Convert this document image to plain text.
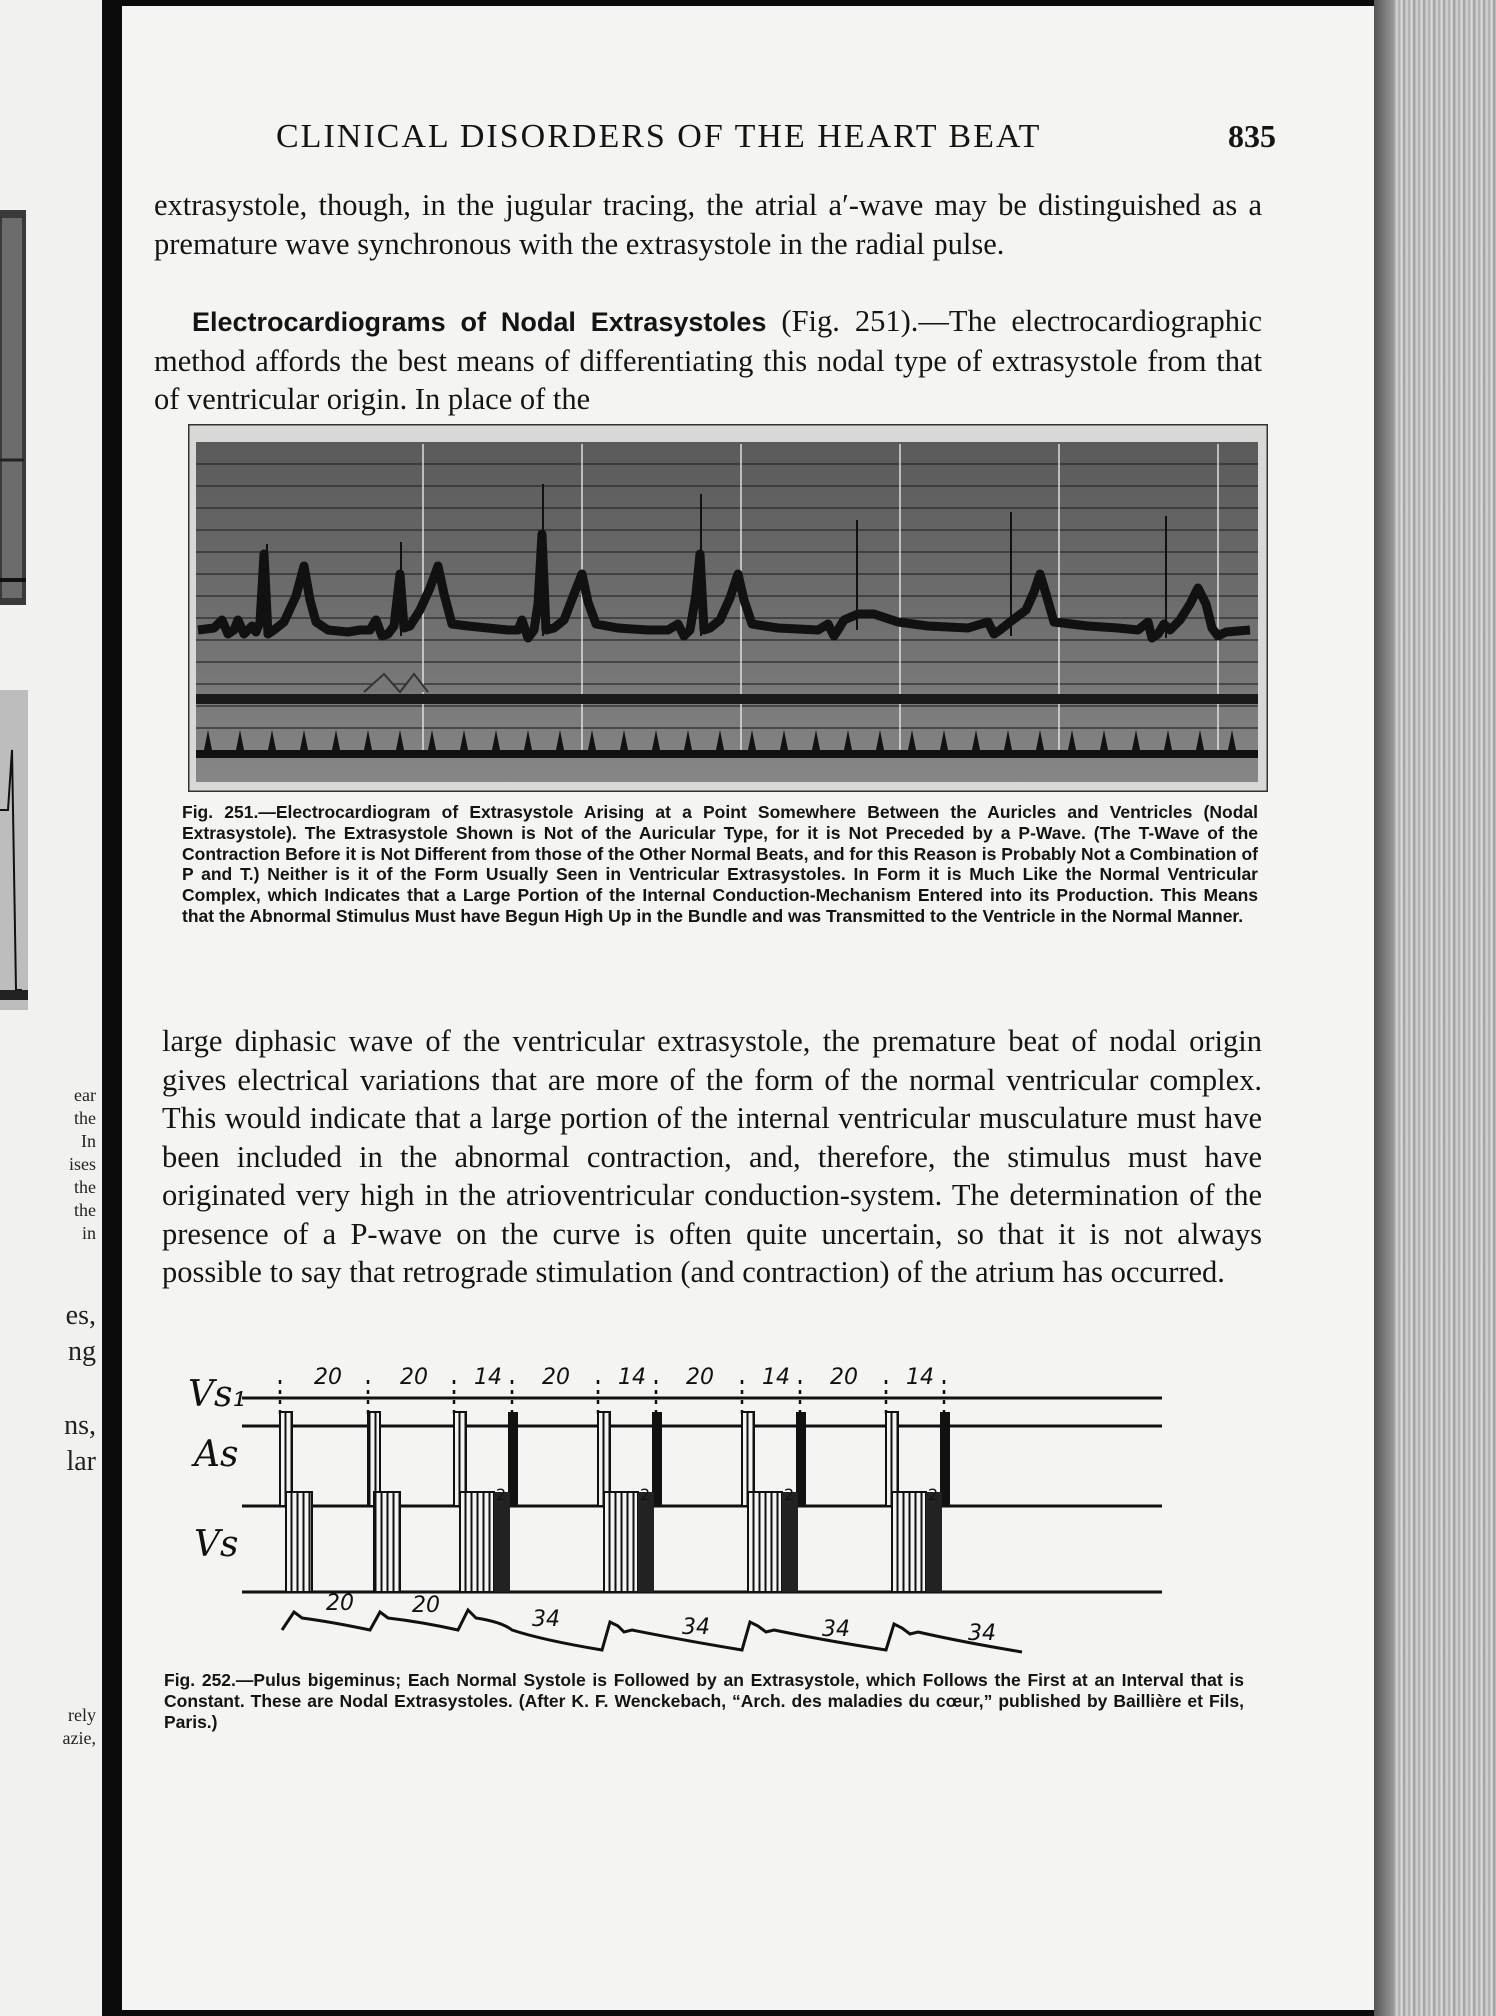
ear
the
In
ises
the
the
in
es,
ng
ns,
lar
rely
azie,
CLINICAL DISORDERS OF THE HEART BEAT	835

extrasystole, though, in the jugular tracing, the atrial a′-wave may be distinguished as a premature wave synchronous with the extrasystole in the radial pulse.

Electrocardiograms of Nodal Extrasystoles (Fig. 251).—The electrocardiographic method affords the best means of differentiating this nodal type of extrasystole from that of ventricular origin. In place of the

Fig. 251.—Electrocardiogram of Extrasystole Arising at a Point Somewhere Between the Auricles and Ventricles (Nodal Extrasystole). The Extrasystole Shown is Not of the Auricular Type, for it is Not Preceded by a P-Wave. (The T-Wave of the Contraction Before it is Not Different from those of the Other Normal Beats, and for this Reason is Probably Not a Combination of P and T.) Neither is it of the Form Usually Seen in Ventricular Extrasystoles. In Form it is Much Like the Normal Ventricular Complex, which Indicates that a Large Portion of the Internal Conduction-Mechanism Entered into its Production. This Means that the Abnormal Stimulus Must have Begun High Up in the Bundle and was Transmitted to the Ventricle in the Normal Manner.

large diphasic wave of the ventricular extrasystole, the premature beat of nodal origin gives electrical variations that are more of the form of the normal ventricular complex. This would indicate that a large portion of the internal ventricular musculature must have been included in the abnormal contraction, and, therefore, the stimulus must have originated very high in the atrioventricular conduction-system. The determination of the presence of a P-wave on the curve is often quite uncertain, so that it is not always possible to say that retrograde stimulation (and contraction) of the atrium has occurred.

Vs₁
As
Vs
20	20 14 20 14 20 14 20 14
2	2	2	2
20	20
34	34	34	34

Fig. 252.—Pulus bigeminus; Each Normal Systole is Followed by an Extrasystole, which Follows the First at an Interval that is Constant. These are Nodal Extrasystoles. (After K. F. Wenckebach, “Arch. des maladies du cœur,” published by Baillière et Fils, Paris.)
